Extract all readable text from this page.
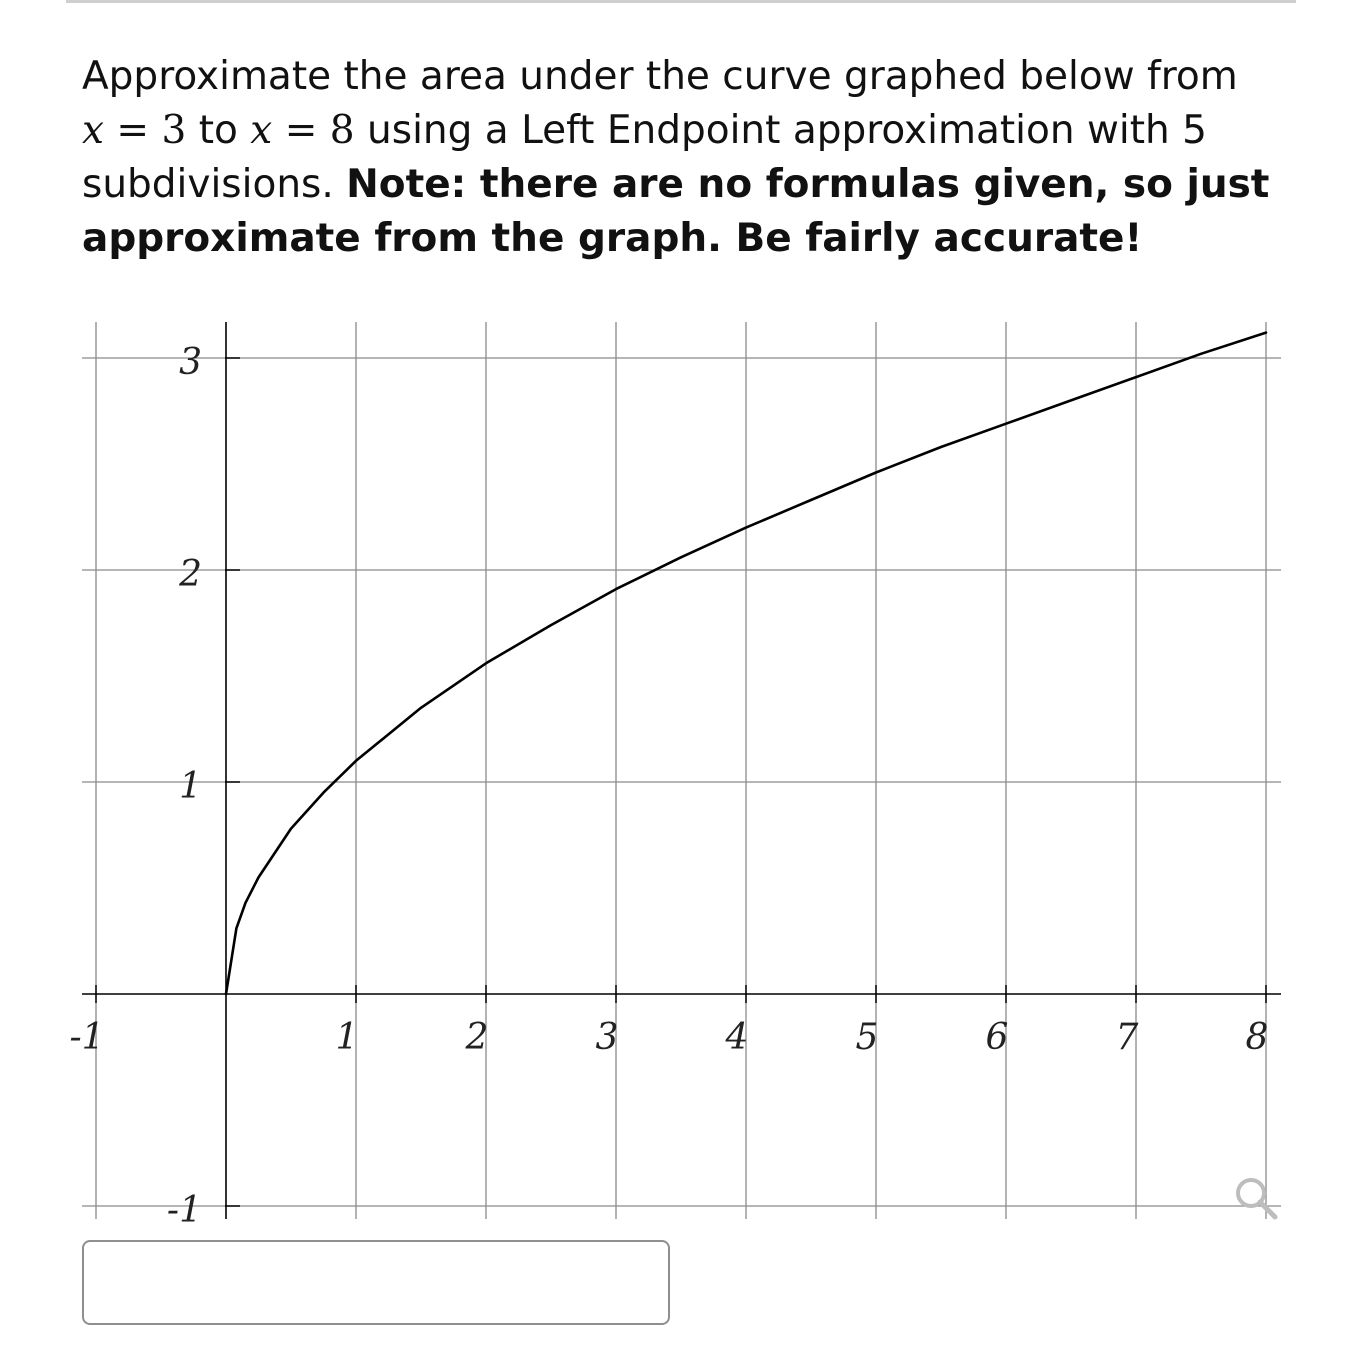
Approximate the area under the curve graphed below from
x = 3 to x = 8 using a Left Endpoint approximation with 5
subdivisions. Note: there are no formulas given, so just approximate from the graph. Be fairly accurate!
-1	1	2	3	4	5	6	7	8
-1
1
2
3
